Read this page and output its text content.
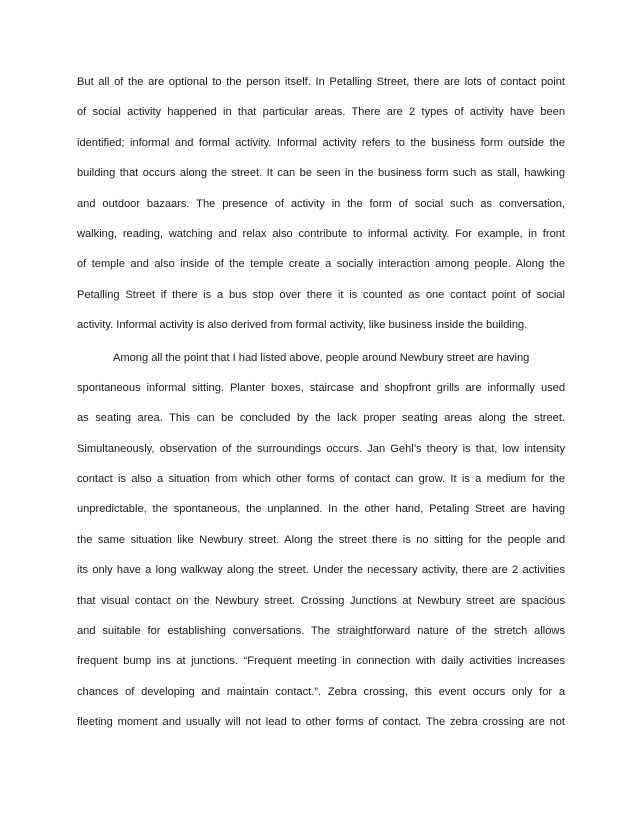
But all of the are optional to the person itself. In Petalling Street, there are lots of contact point
of social activity happened in that particular areas. There are 2 types of activity have been
identified; informal and formal activity. Informal activity refers to the business form outside the
building that occurs along the street. It can be seen in the business form such as stall, hawking
and outdoor bazaars. The presence of activity in the form of social such as conversation,
walking, reading, watching and relax also contribute to informal activity. For example, in front
of temple and also inside of the temple create a socially interaction among people. Along the
Petalling Street if there is a bus stop over there it is counted as one contact point of social
activity. Informal activity is also derived from formal activity, like business inside the building.
Among all the point that I had listed above, people around Newbury street are having
spontaneous informal sitting. Planter boxes, staircase and shopfront grills are informally used
as seating area. This can be concluded by the lack proper seating areas along the street.
Simultaneously, observation of the surroundings occurs. Jan Gehl’s theory is that, low intensity
contact is also a situation from which other forms of contact can grow. It is a medium for the
unpredictable, the spontaneous, the unplanned. In the other hand, Petaling Street are having
the same situation like Newbury street. Along the street there is no sitting for the people and
its only have a long walkway along the street. Under the necessary activity, there are 2 activities
that visual contact on the Newbury street. Crossing Junctions at Newbury street are spacious
and suitable for establishing conversations. The straightforward nature of the stretch allows
frequent bump ins at junctions. “Frequent meeting in connection with daily activities increases
chances of developing and maintain contact.”. Zebra crossing, this event occurs only for a
fleeting moment and usually will not lead to other forms of contact. The zebra crossing are not
